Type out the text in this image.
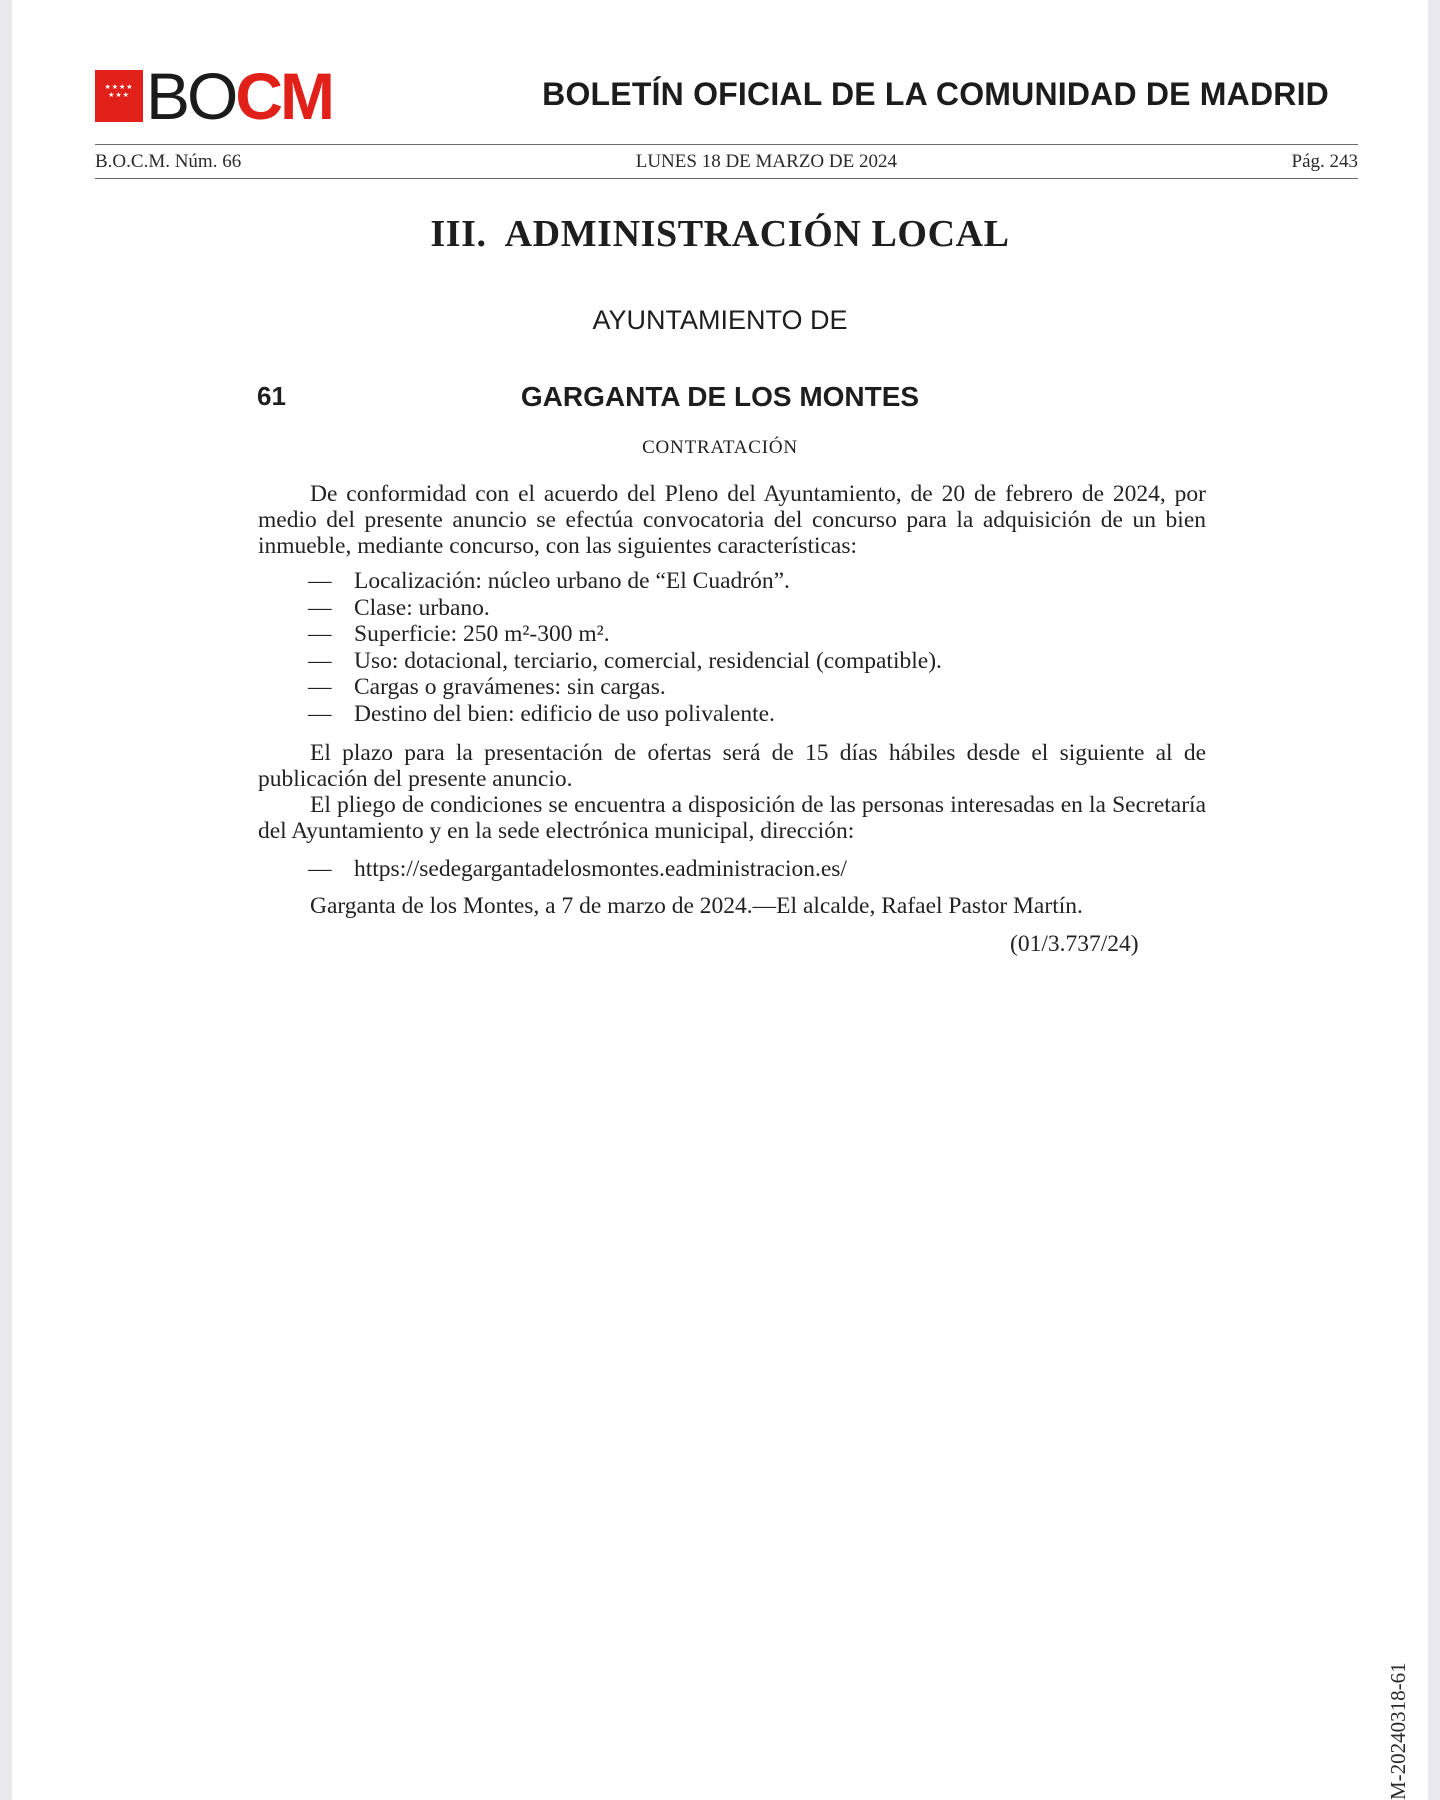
★★★★
★★★ BOCM	BOLETÍN OFICIAL DE LA COMUNIDAD DE MADRID
B.O.C.M. Núm. 66	LUNES 18 DE MARZO DE 2024	Pág. 243
III. ADMINISTRACIÓN LOCAL
AYUNTAMIENTO DE
61	GARGANTA DE LOS MONTES
CONTRATACIÓN
De conformidad con el acuerdo del Pleno del Ayuntamiento, de 20 de febrero de 2024, por medio del presente anuncio se efectúa convocatoria del concurso para la adquisición de un bien inmueble, mediante concurso, con las siguientes características:
— Localización: núcleo urbano de “El Cuadrón”.
— Clase: urbano.
— Superficie: 250 m²-300 m².
— Uso: dotacional, terciario, comercial, residencial (compatible).
— Cargas o gravámenes: sin cargas.
— Destino del bien: edificio de uso polivalente.
El plazo para la presentación de ofertas será de 15 días hábiles desde el siguiente al de publicación del presente anuncio.
El pliego de condiciones se encuentra a disposición de las personas interesadas en la Secretaría del Ayuntamiento y en la sede electrónica municipal, dirección:
— https://sedegargantadelosmontes.eadministracion.es/
Garganta de los Montes, a 7 de marzo de 2024.—El alcalde, Rafael Pastor Martín.
(01/3.737/24)
M-20240318-61
